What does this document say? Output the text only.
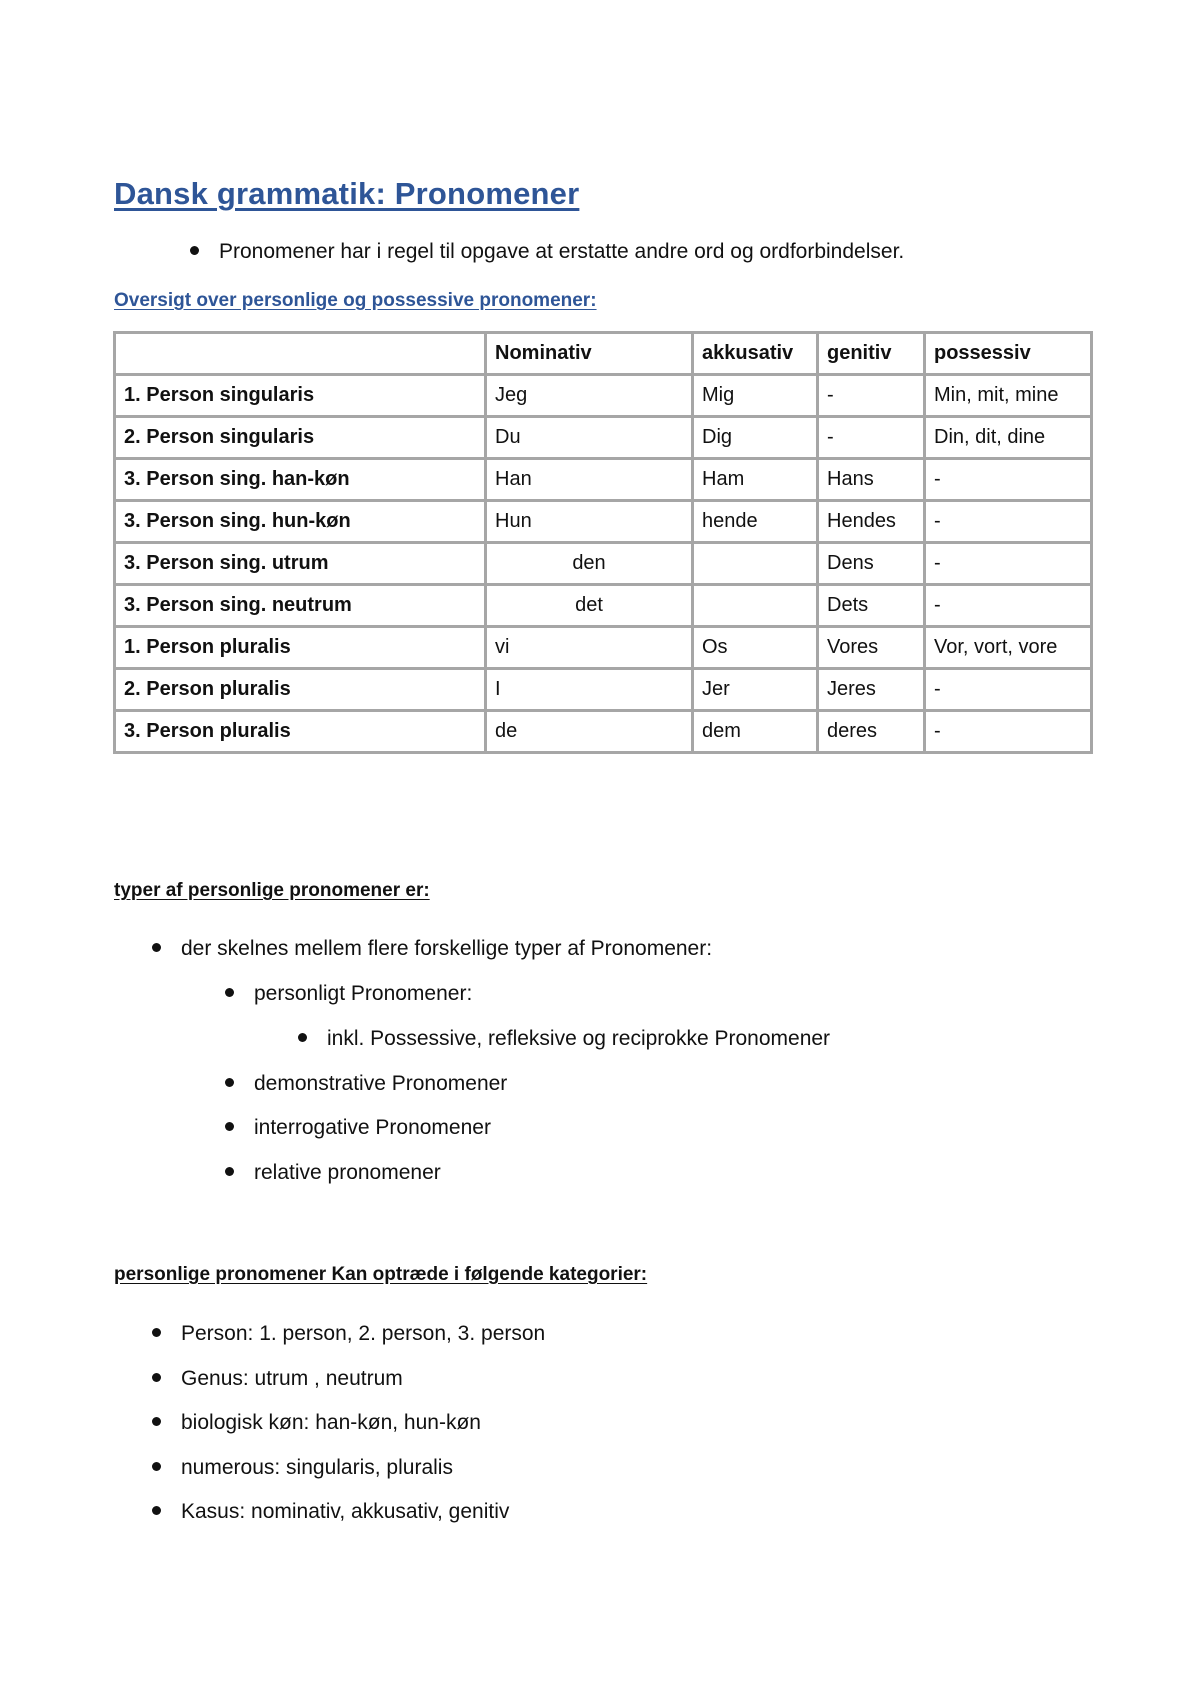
Dansk grammatik: Pronomener
Pronomener har i regel til opgave at erstatte andre ord og ordforbindelser.
Oversigt over personlige og possessive pronomener:
	Nominativ	akkusativ	genitiv	possessiv
1. Person singularis	Jeg	Mig	-	Min, mit, mine
2. Person singularis	Du	Dig	-	Din, dit, dine
3. Person sing. han-køn	Han	Ham	Hans	-
3. Person sing. hun-køn	Hun	hende	Hendes	-
3. Person sing. utrum	den		Dens	-
3. Person sing. neutrum	det		Dets	-
1. Person pluralis	vi	Os	Vores	Vor, vort, vore
2. Person pluralis	I	Jer	Jeres	-
3. Person pluralis	de	dem	deres	-
typer af personlige pronomener er:
der skelnes mellem flere forskellige typer af Pronomener:
personligt Pronomener:
inkl. Possessive, refleksive og reciprokke Pronomener
demonstrative Pronomener
interrogative Pronomener
relative pronomener
personlige pronomener Kan optræde i følgende kategorier:
Person: 1. person, 2. person, 3. person
Genus: utrum , neutrum
biologisk køn: han-køn, hun-køn
numerous: singularis, pluralis
Kasus: nominativ, akkusativ, genitiv
